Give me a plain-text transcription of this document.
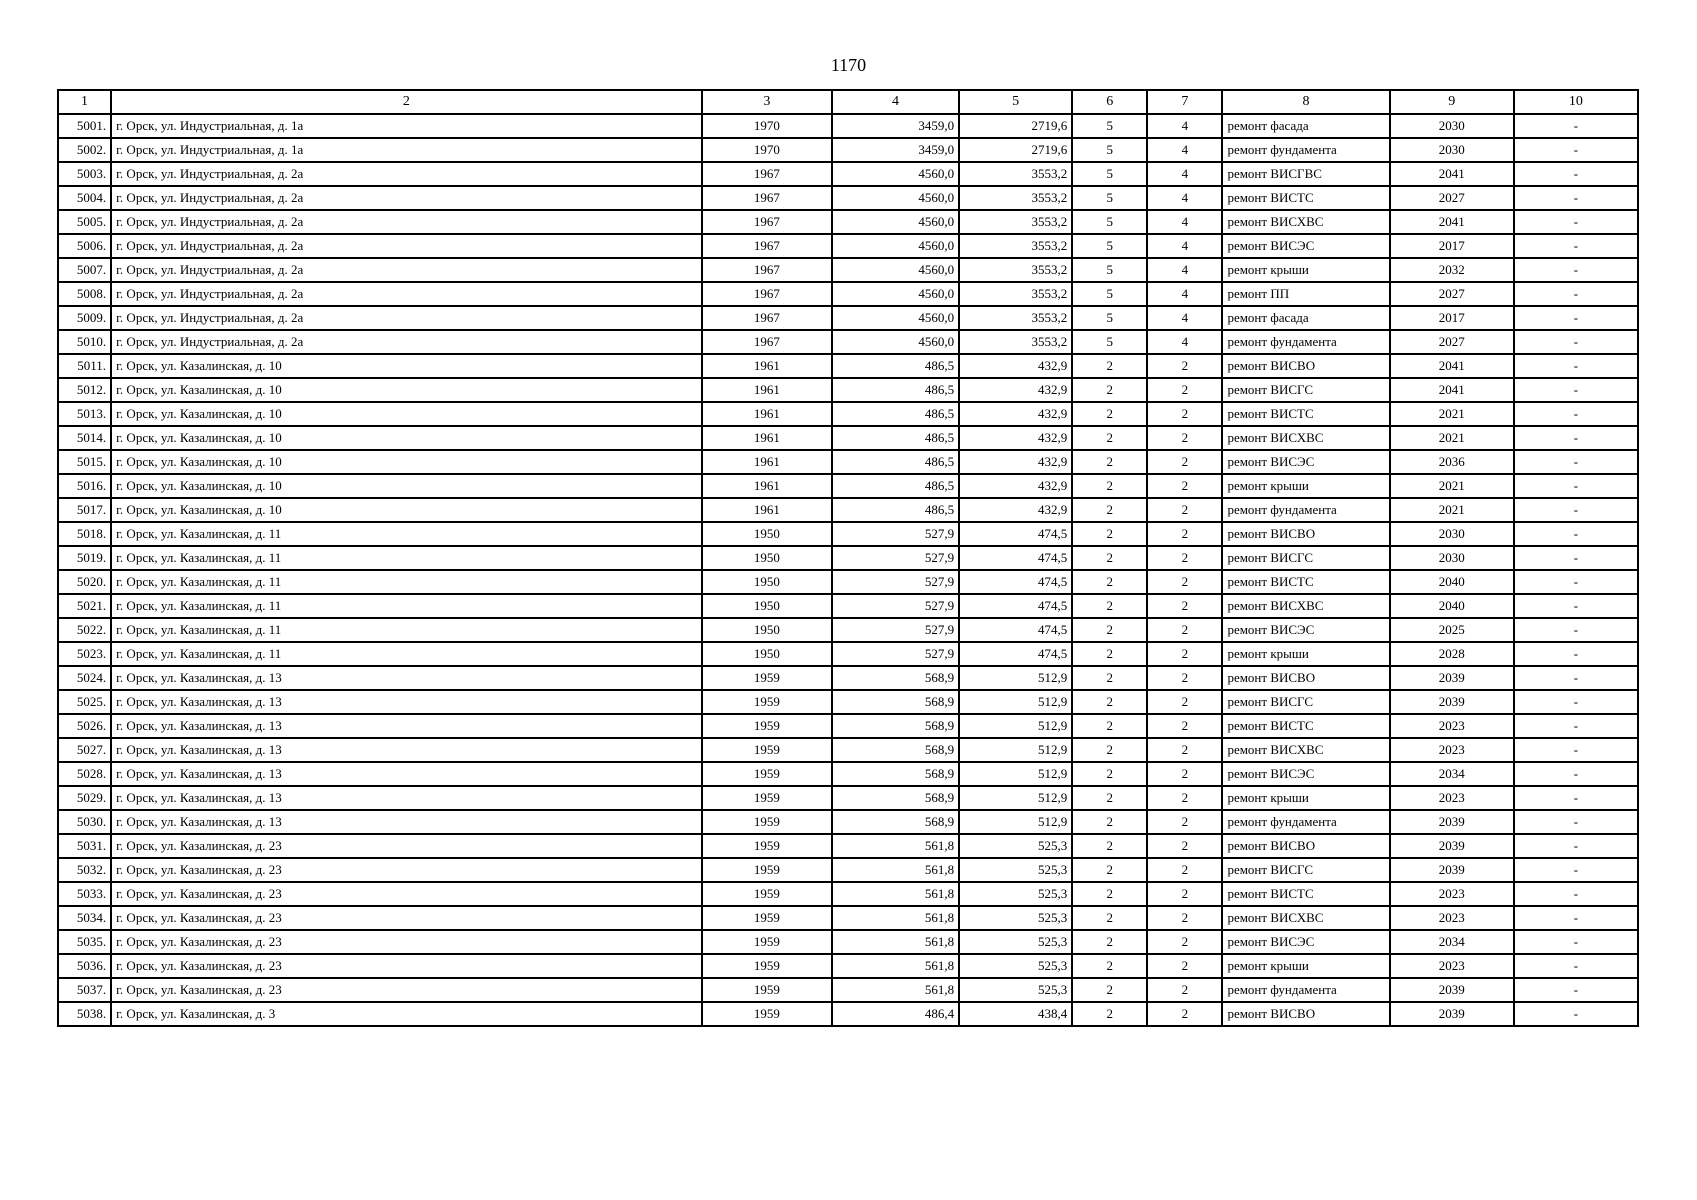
1170
1	2	3	4	5	6	7	8	9	10
5001.	г. Орск, ул. Индустриальная, д. 1а	1970	3459,0	2719,6	5	4	ремонт фасада	2030	-
5002.	г. Орск, ул. Индустриальная, д. 1а	1970	3459,0	2719,6	5	4	ремонт фундамента	2030	-
5003.	г. Орск, ул. Индустриальная, д. 2а	1967	4560,0	3553,2	5	4	ремонт ВИСГВС	2041	-
5004.	г. Орск, ул. Индустриальная, д. 2а	1967	4560,0	3553,2	5	4	ремонт ВИСТС	2027	-
5005.	г. Орск, ул. Индустриальная, д. 2а	1967	4560,0	3553,2	5	4	ремонт ВИСХВС	2041	-
5006.	г. Орск, ул. Индустриальная, д. 2а	1967	4560,0	3553,2	5	4	ремонт ВИСЭС	2017	-
5007.	г. Орск, ул. Индустриальная, д. 2а	1967	4560,0	3553,2	5	4	ремонт крыши	2032	-
5008.	г. Орск, ул. Индустриальная, д. 2а	1967	4560,0	3553,2	5	4	ремонт ПП	2027	-
5009.	г. Орск, ул. Индустриальная, д. 2а	1967	4560,0	3553,2	5	4	ремонт фасада	2017	-
5010.	г. Орск, ул. Индустриальная, д. 2а	1967	4560,0	3553,2	5	4	ремонт фундамента	2027	-
5011.	г. Орск, ул. Казалинская, д. 10	1961	486,5	432,9	2	2	ремонт ВИСВО	2041	-
5012.	г. Орск, ул. Казалинская, д. 10	1961	486,5	432,9	2	2	ремонт ВИСГС	2041	-
5013.	г. Орск, ул. Казалинская, д. 10	1961	486,5	432,9	2	2	ремонт ВИСТС	2021	-
5014.	г. Орск, ул. Казалинская, д. 10	1961	486,5	432,9	2	2	ремонт ВИСХВС	2021	-
5015.	г. Орск, ул. Казалинская, д. 10	1961	486,5	432,9	2	2	ремонт ВИСЭС	2036	-
5016.	г. Орск, ул. Казалинская, д. 10	1961	486,5	432,9	2	2	ремонт крыши	2021	-
5017.	г. Орск, ул. Казалинская, д. 10	1961	486,5	432,9	2	2	ремонт фундамента	2021	-
5018.	г. Орск, ул. Казалинская, д. 11	1950	527,9	474,5	2	2	ремонт ВИСВО	2030	-
5019.	г. Орск, ул. Казалинская, д. 11	1950	527,9	474,5	2	2	ремонт ВИСГС	2030	-
5020.	г. Орск, ул. Казалинская, д. 11	1950	527,9	474,5	2	2	ремонт ВИСТС	2040	-
5021.	г. Орск, ул. Казалинская, д. 11	1950	527,9	474,5	2	2	ремонт ВИСХВС	2040	-
5022.	г. Орск, ул. Казалинская, д. 11	1950	527,9	474,5	2	2	ремонт ВИСЭС	2025	-
5023.	г. Орск, ул. Казалинская, д. 11	1950	527,9	474,5	2	2	ремонт крыши	2028	-
5024.	г. Орск, ул. Казалинская, д. 13	1959	568,9	512,9	2	2	ремонт ВИСВО	2039	-
5025.	г. Орск, ул. Казалинская, д. 13	1959	568,9	512,9	2	2	ремонт ВИСГС	2039	-
5026.	г. Орск, ул. Казалинская, д. 13	1959	568,9	512,9	2	2	ремонт ВИСТС	2023	-
5027.	г. Орск, ул. Казалинская, д. 13	1959	568,9	512,9	2	2	ремонт ВИСХВС	2023	-
5028.	г. Орск, ул. Казалинская, д. 13	1959	568,9	512,9	2	2	ремонт ВИСЭС	2034	-
5029.	г. Орск, ул. Казалинская, д. 13	1959	568,9	512,9	2	2	ремонт крыши	2023	-
5030.	г. Орск, ул. Казалинская, д. 13	1959	568,9	512,9	2	2	ремонт фундамента	2039	-
5031.	г. Орск, ул. Казалинская, д. 23	1959	561,8	525,3	2	2	ремонт ВИСВО	2039	-
5032.	г. Орск, ул. Казалинская, д. 23	1959	561,8	525,3	2	2	ремонт ВИСГС	2039	-
5033.	г. Орск, ул. Казалинская, д. 23	1959	561,8	525,3	2	2	ремонт ВИСТС	2023	-
5034.	г. Орск, ул. Казалинская, д. 23	1959	561,8	525,3	2	2	ремонт ВИСХВС	2023	-
5035.	г. Орск, ул. Казалинская, д. 23	1959	561,8	525,3	2	2	ремонт ВИСЭС	2034	-
5036.	г. Орск, ул. Казалинская, д. 23	1959	561,8	525,3	2	2	ремонт крыши	2023	-
5037.	г. Орск, ул. Казалинская, д. 23	1959	561,8	525,3	2	2	ремонт фундамента	2039	-
5038.	г. Орск, ул. Казалинская, д. 3	1959	486,4	438,4	2	2	ремонт ВИСВО	2039	-
